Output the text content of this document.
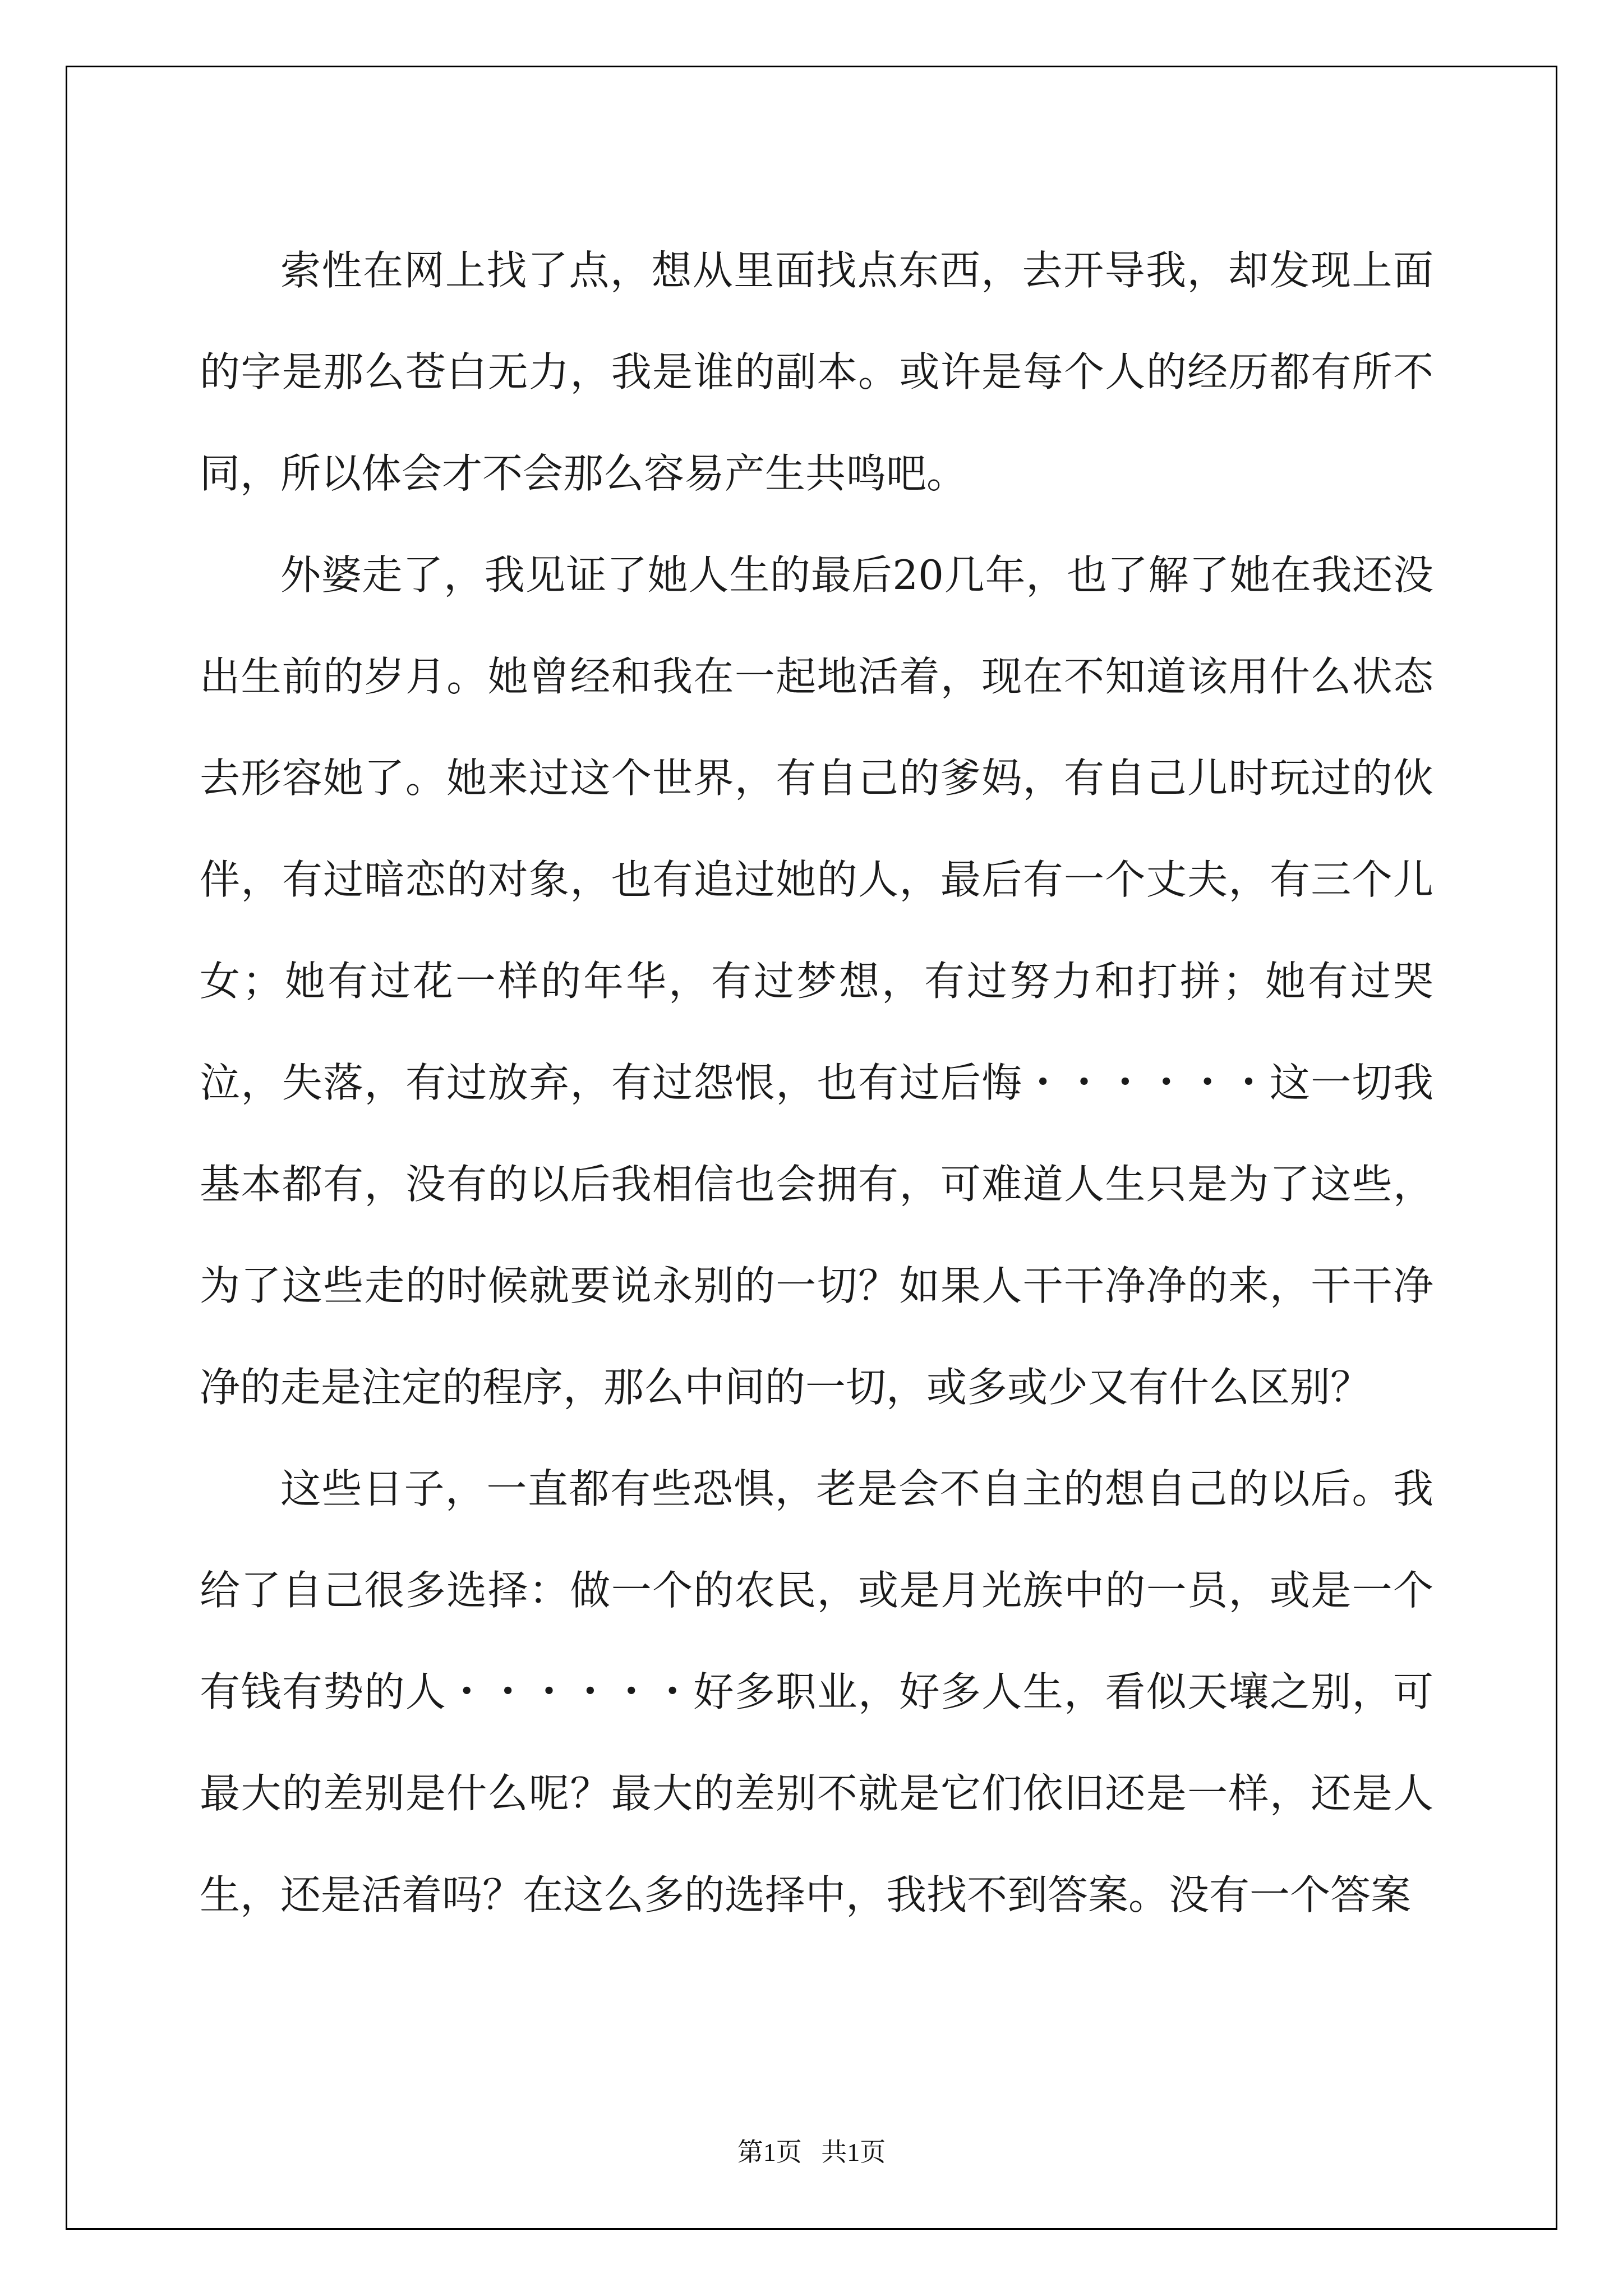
索性在网上找了点，想从里面找点东西，去开导我，却发现上面的字是那么苍白无力，我是谁的副本。或许是每个人的经历都有所不同，所以体会才不会那么容易产生共鸣吧。

外婆走了，我见证了她人生的最后20几年，也了解了她在我还没出生前的岁月。她曾经和我在一起地活着，现在不知道该用什么状态去形容她了。她来过这个世界，有自己的爹妈，有自己儿时玩过的伙伴，有过暗恋的对象，也有追过她的人，最后有一个丈夫，有三个儿女；她有过花一样的年华，有过梦想，有过努力和打拼；她有过哭泣，失落，有过放弃，有过怨恨，也有过后悔・・・・・・这一切我基本都有，没有的以后我相信也会拥有，可难道人生只是为了这些，为了这些走的时候就要说永别的一切？如果人干干净净的来，干干净净的走是注定的程序，那么中间的一切，或多或少又有什么区别？

这些日子，一直都有些恐惧，老是会不自主的想自己的以后。我给了自己很多选择：做一个的农民，或是月光族中的一员，或是一个有钱有势的人・・・・・・好多职业，好多人生，看似天壤之别，可最大的差别是什么呢？最大的差别不就是它们依旧还是一样，还是人生，还是活着吗？在这么多的选择中，我找不到答案。没有一个答案

第1页   共1页
